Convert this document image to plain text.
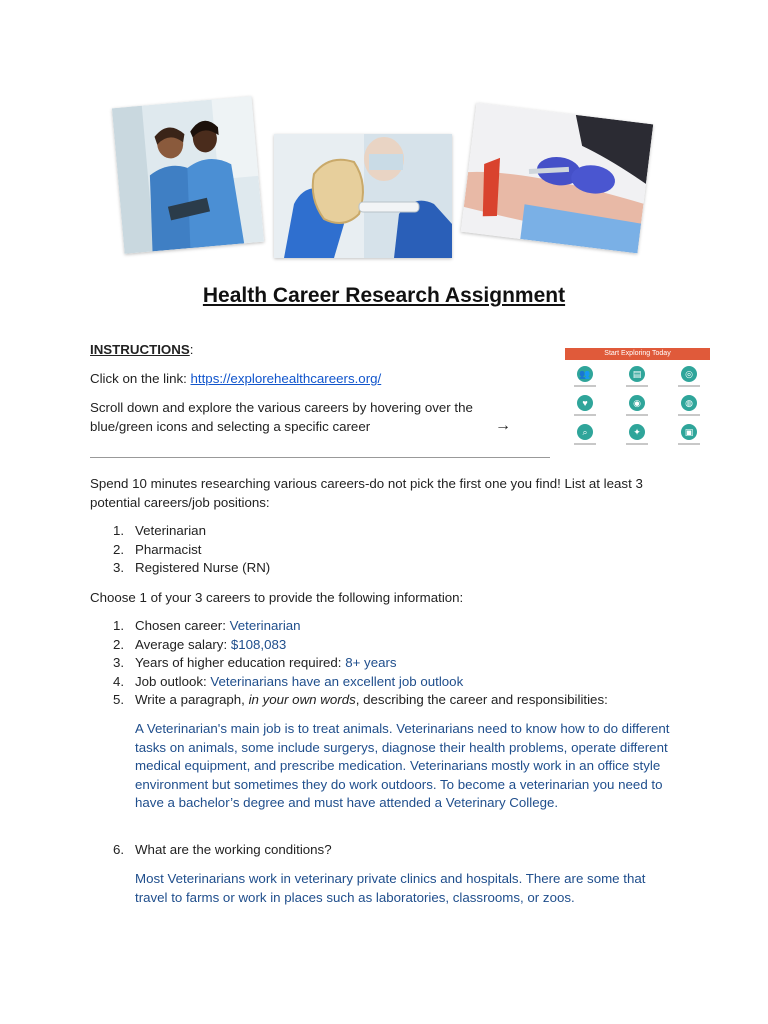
Health Career Research Assignment
INSTRUCTIONS:
Click on the link: https://explorehealthcareers.org/
Scroll down and explore the various careers by hovering over the
blue/green icons and selecting a specific career	→
Start Exploring Today
👥	▤	◎
♥	◉	◍
⌕	✦	▣
Spend 10 minutes researching various careers-do not pick the first one you find! List at least 3 potential careers/job positions:
1. Veterinarian
2. Pharmacist
3. Registered Nurse (RN)
Choose 1 of your 3 careers to provide the following information:
1. Chosen career: Veterinarian
2. Average salary: $108,083
3. Years of higher education required: 8+ years
4. Job outlook: Veterinarians have an excellent job outlook
5. Write a paragraph, in your own words, describing the career and responsibilities:
A Veterinarian's main job is to treat animals. Veterinarians need to know how to do different tasks on animals, some include surgerys, diagnose their health problems, operate different medical equipment, and prescribe medication. Veterinarians mostly work in an office style environment but sometimes they do work outdoors. To become a veterinarian you need to have a bachelor’s degree and must have attended a Veterinary College.
6. What are the working conditions?
Most Veterinarians work in veterinary private clinics and hospitals. There are some that travel to farms or work in places such as laboratories, classrooms, or zoos.
